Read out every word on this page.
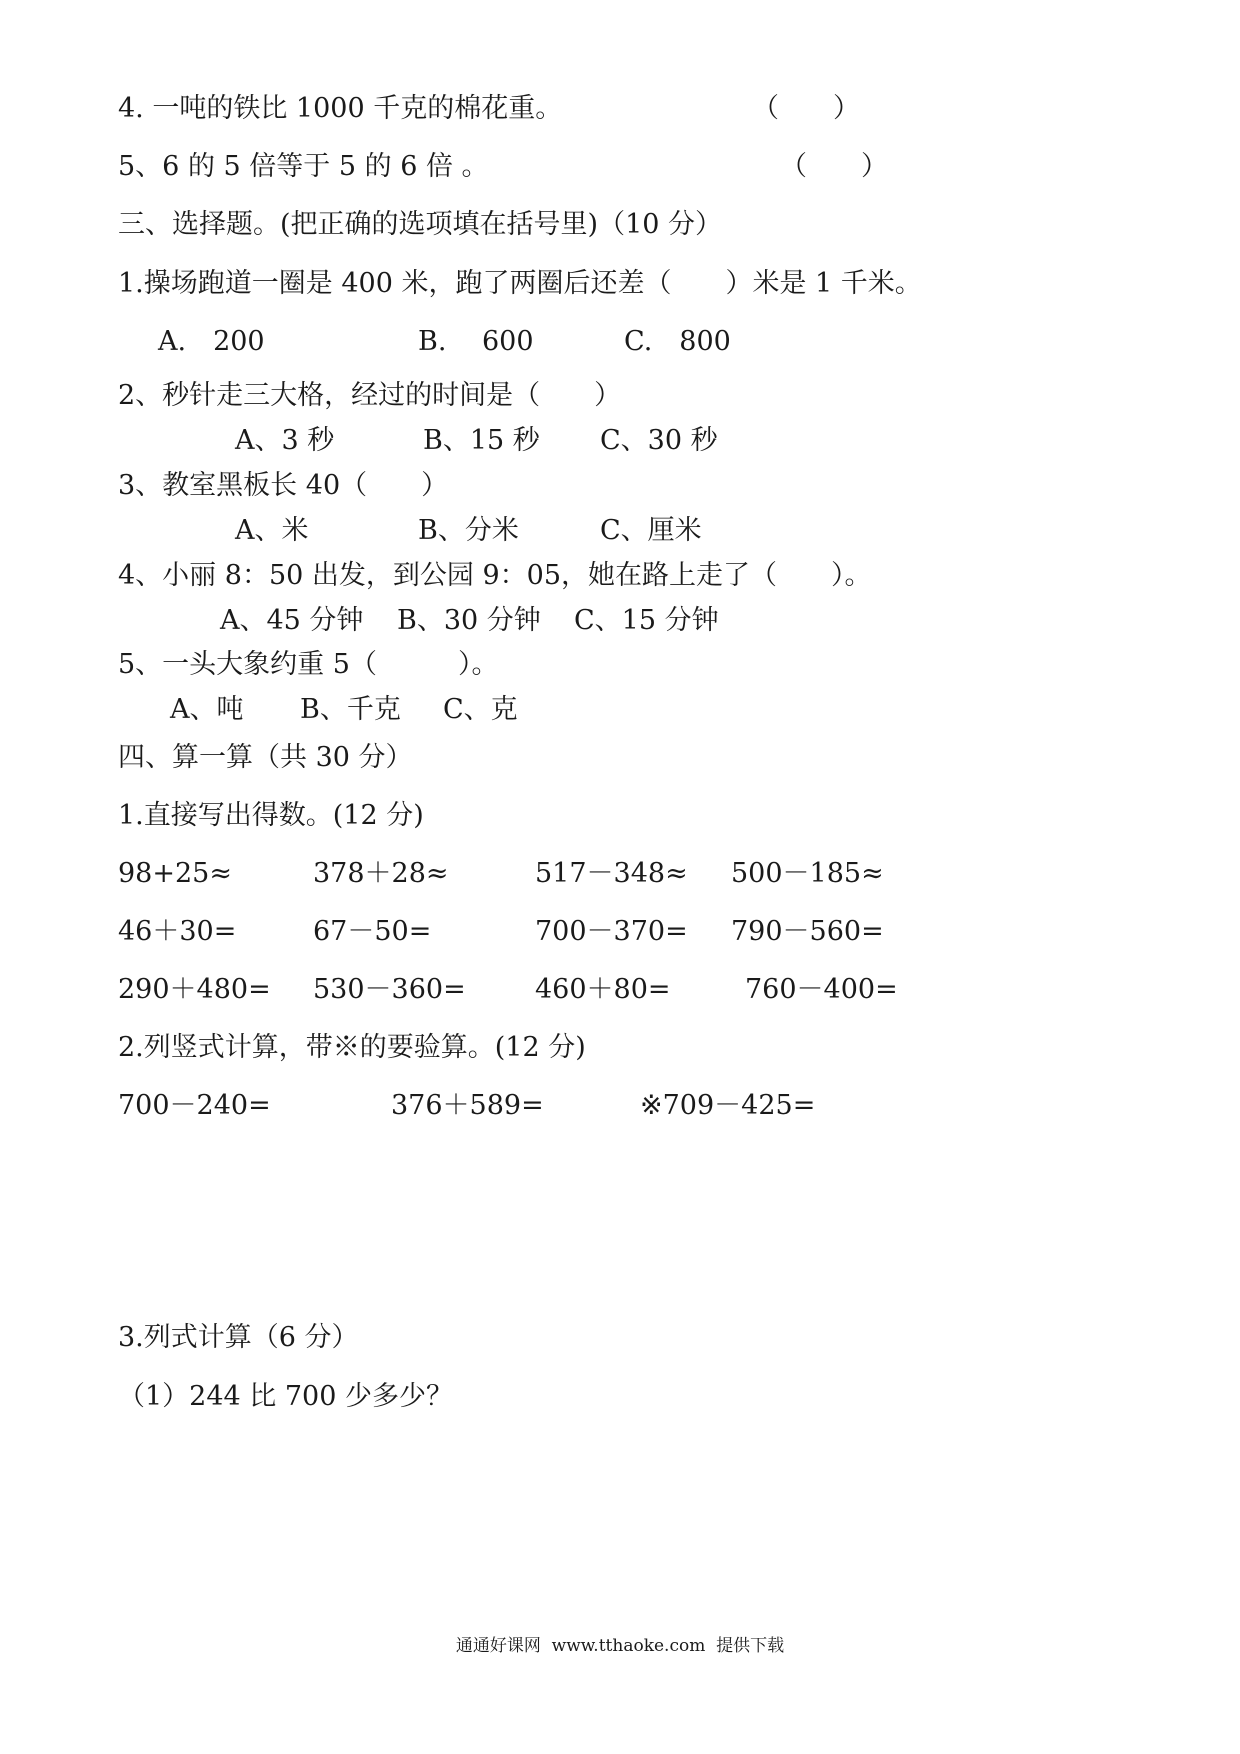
4. 一吨的铁比 1000 千克的棉花重。	（　　）
5、6 的 5 倍等于 5 的 6 倍 。	（　　）
三、选择题。(把正确的选项填在括号里)（10 分）
1.操场跑道一圈是 400 米，跑了两圈后还差（　　）米是 1 千米。
A.　200	B.　 600	C.　800
2、秒针走三大格，经过的时间是（　　）
A、3 秒	B、15 秒 C、30 秒
3、教室黑板长 40（　　）
A、米	B、分米	C、厘米
4、小丽 8：50 出发，到公园 9：05，她在路上走了（　　）。
A、45 分钟 B、30 分钟 C、15 分钟
5、一头大象约重 5（　　　）。
A、吨 B、千克 C、克
四、算一算（共 30 分）
1.直接写出得数。(12 分)
98+25≈	378＋28≈	517－348≈ 500－185≈
46＋30=	67－50=	700－370= 790－560=
290＋480= 530－360=	460＋80=	760－400=
2.列竖式计算，带※的要验算。(12 分)
700－240=	376＋589=	※709－425=
3.列式计算（6 分）
（1）244 比 700 少多少？
通通好课网  www.tthaoke.com  提供下载
